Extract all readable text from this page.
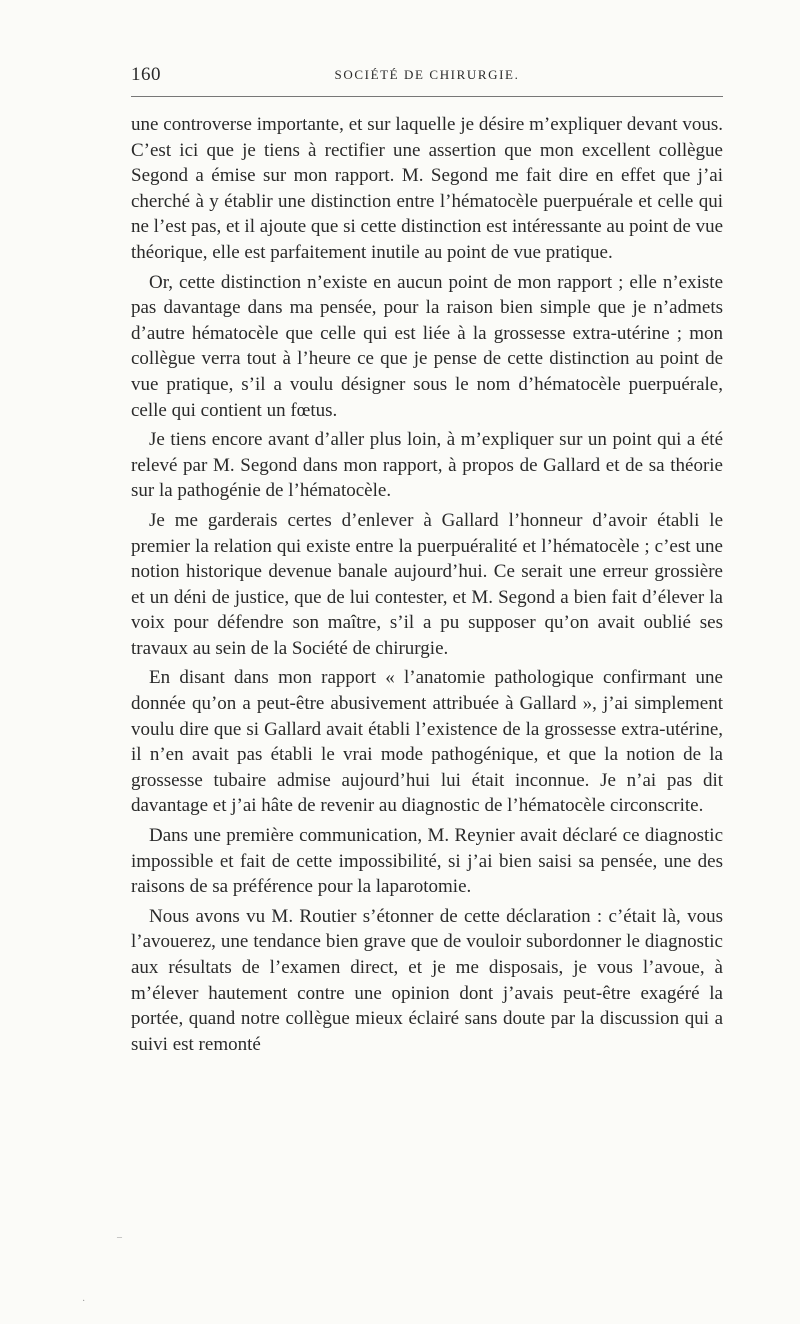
160	SOCIÉTÉ DE CHIRURGIE.

une controverse importante, et sur laquelle je désire m’expliquer devant vous. C’est ici que je tiens à rectifier une assertion que mon excellent collègue Segond a émise sur mon rapport. M. Segond me fait dire en effet que j’ai cherché à y établir une distinction entre l’hématocèle puerpuérale et celle qui ne l’est pas, et il ajoute que si cette distinction est intéressante au point de vue théorique, elle est parfaitement inutile au point de vue pratique.

Or, cette distinction n’existe en aucun point de mon rapport ; elle n’existe pas davantage dans ma pensée, pour la raison bien simple que je n’admets d’autre hématocèle que celle qui est liée à la grossesse extra-utérine ; mon collègue verra tout à l’heure ce que je pense de cette distinction au point de vue pratique, s’il a voulu désigner sous le nom d’hématocèle puerpuérale, celle qui contient un fœtus.

Je tiens encore avant d’aller plus loin, à m’expliquer sur un point qui a été relevé par M. Segond dans mon rapport, à propos de Gallard et de sa théorie sur la pathogénie de l’hématocèle.

Je me garderais certes d’enlever à Gallard l’honneur d’avoir établi le premier la relation qui existe entre la puerpuéralité et l’hématocèle ; c’est une notion historique devenue banale aujourd’hui. Ce serait une erreur grossière et un déni de justice, que de lui contester, et M. Segond a bien fait d’élever la voix pour défendre son maître, s’il a pu supposer qu’on avait oublié ses travaux au sein de la Société de chirurgie.

En disant dans mon rapport « l’anatomie pathologique confirmant une donnée qu’on a peut-être abusivement attribuée à Gallard », j’ai simplement voulu dire que si Gallard avait établi l’existence de la grossesse extra-utérine, il n’en avait pas établi le vrai mode pathogénique, et que la notion de la grossesse tubaire admise aujourd’hui lui était inconnue. Je n’ai pas dit davantage et j’ai hâte de revenir au diagnostic de l’hématocèle circonscrite.

Dans une première communication, M. Reynier avait déclaré ce diagnostic impossible et fait de cette impossibilité, si j’ai bien saisi sa pensée, une des raisons de sa préférence pour la laparotomie.

Nous avons vu M. Routier s’étonner de cette déclaration : c’était là, vous l’avouerez, une tendance bien grave que de vouloir subordonner le diagnostic aux résultats de l’examen direct, et je me disposais, je vous l’avoue, à m’élever hautement contre une opinion dont j’avais peut-être exagéré la portée, quand notre collègue mieux éclairé sans doute par la discussion qui a suivi est remonté

–
·
